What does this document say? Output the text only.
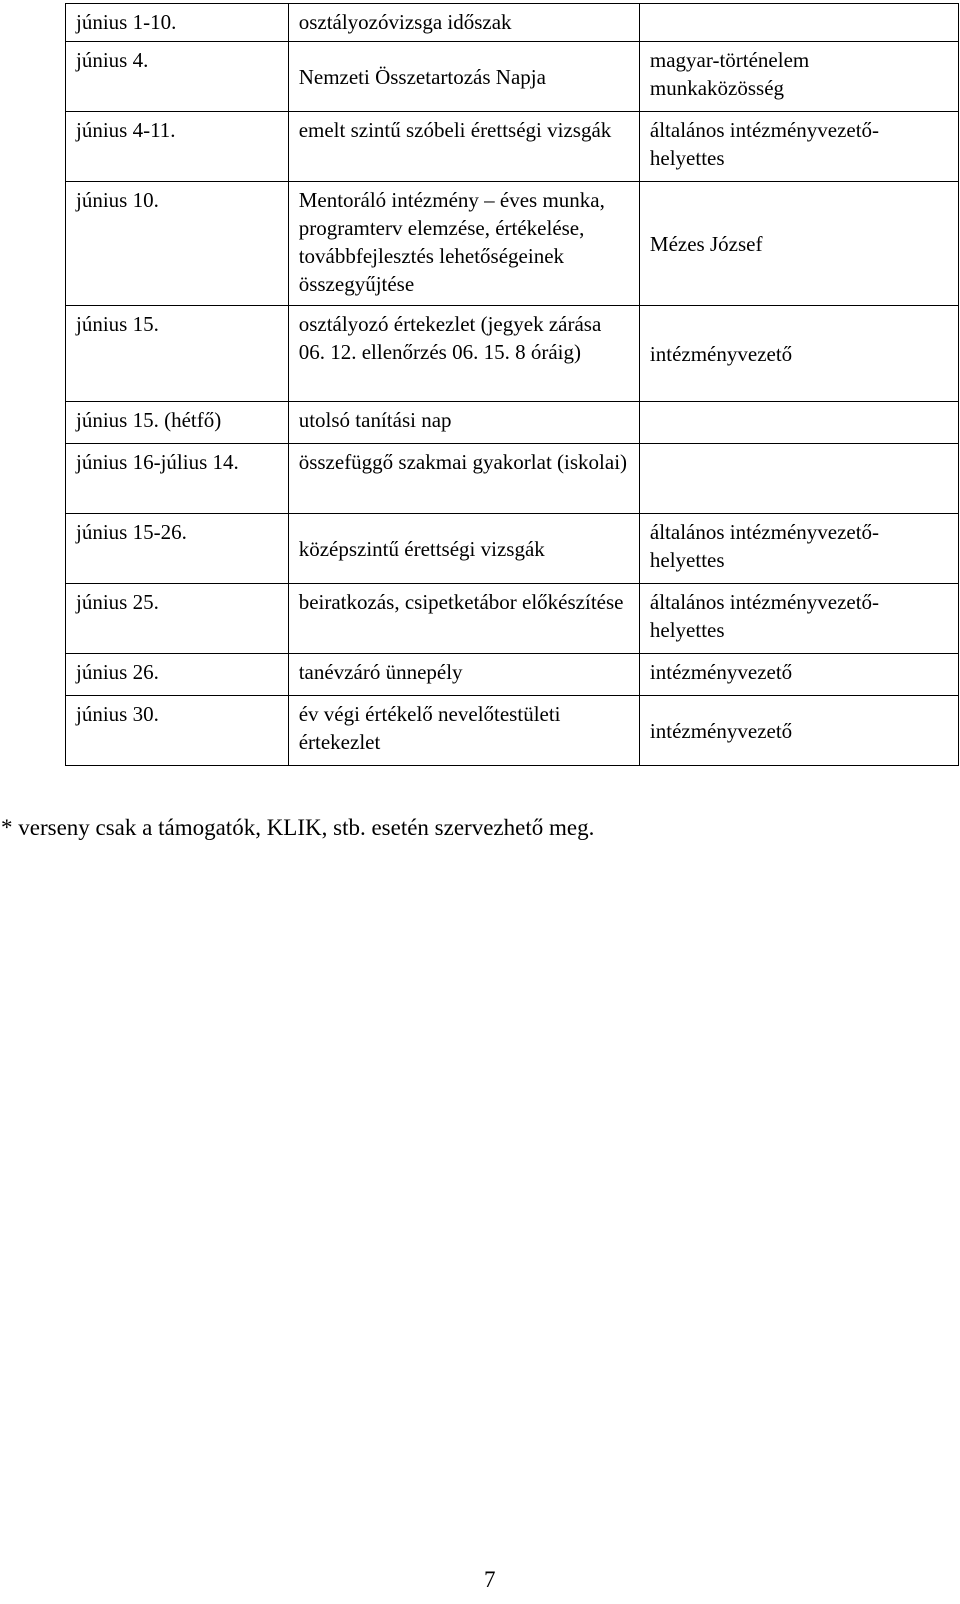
június 1-10.	osztályozóvizsga időszak	
június 4.	Nemzeti Összetartozás Napja	magyar-történelem munkaközösség
június 4-11.	emelt szintű szóbeli érettségi vizsgák	általános intézményvezető-helyettes
június 10.	Mentoráló intézmény – éves munka, programterv elemzése, értékelése, továbbfejlesztés lehetőségeinek összegyűjtése	Mézes József
június 15.	osztályozó értekezlet (jegyek zárása 06. 12. ellenőrzés 06. 15. 8 óráig)	intézményvezető
június 15. (hétfő)	utolsó tanítási nap	
június 16-július 14.	összefüggő szakmai gyakorlat (iskolai)	
június 15-26.	középszintű érettségi vizsgák	általános intézményvezető-helyettes
június 25.	beiratkozás, csipetketábor előkészítése	általános intézményvezető-helyettes
június 26.	tanévzáró ünnepély	intézményvezető
június 30.	év végi értékelő nevelőtestületi értekezlet	intézményvezető
* verseny csak a támogatók, KLIK, stb. esetén szervezhető meg.
7
